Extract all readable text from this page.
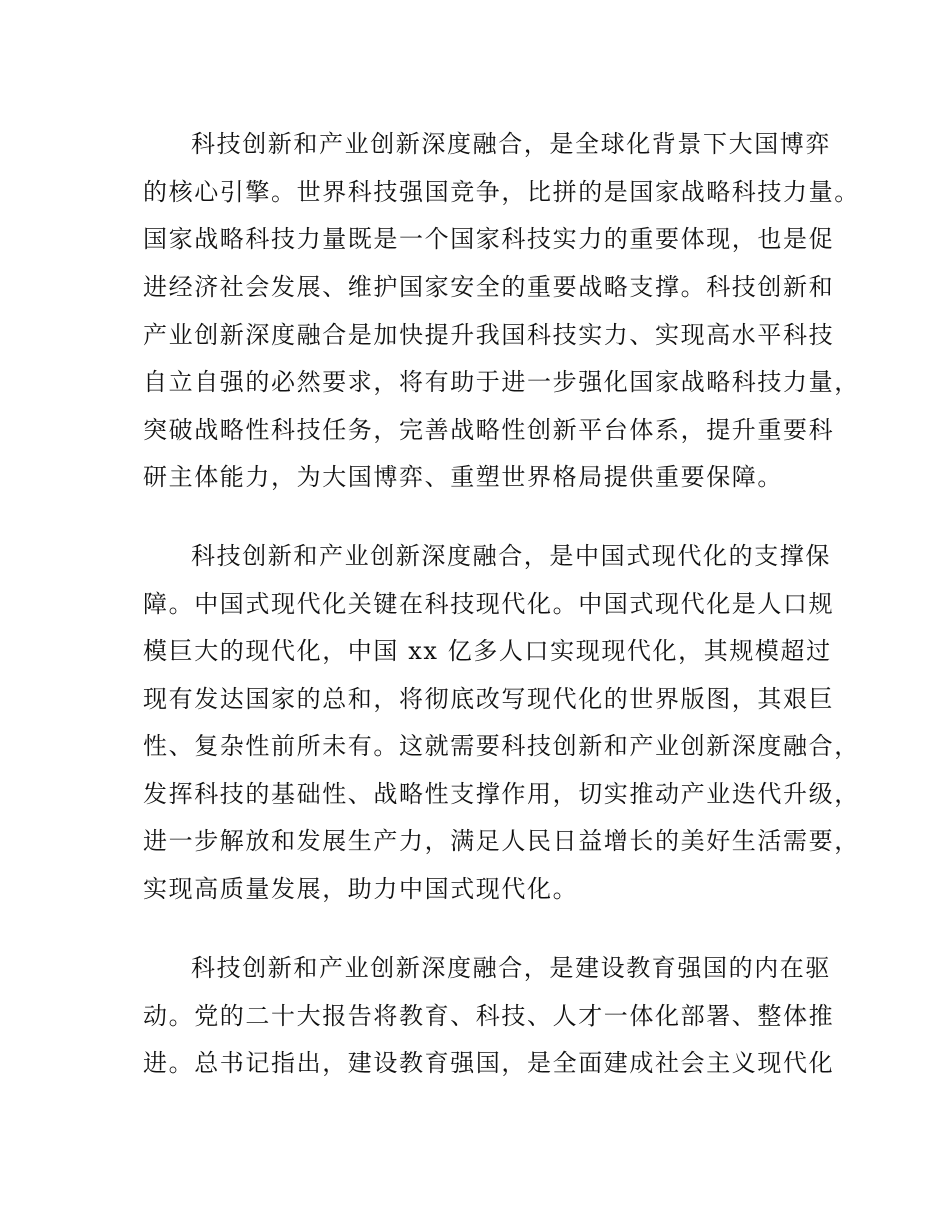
科技创新和产业创新深度融合，是全球化背景下大国博弈
的核心引擎。世界科技强国竞争，比拼的是国家战略科技力量。
国家战略科技力量既是一个国家科技实力的重要体现，也是促
进经济社会发展、维护国家安全的重要战略支撑。科技创新和
产业创新深度融合是加快提升我国科技实力、实现高水平科技
自立自强的必然要求，将有助于进一步强化国家战略科技力量，
突破战略性科技任务，完善战略性创新平台体系，提升重要科
研主体能力，为大国博弈、重塑世界格局提供重要保障。
科技创新和产业创新深度融合，是中国式现代化的支撑保
障。中国式现代化关键在科技现代化。中国式现代化是人口规
模巨大的现代化，中国 xx 亿多人口实现现代化，其规模超过
现有发达国家的总和，将彻底改写现代化的世界版图，其艰巨
性、复杂性前所未有。这就需要科技创新和产业创新深度融合，
发挥科技的基础性、战略性支撑作用，切实推动产业迭代升级，
进一步解放和发展生产力，满足人民日益增长的美好生活需要，
实现高质量发展，助力中国式现代化。
科技创新和产业创新深度融合，是建设教育强国的内在驱
动。党的二十大报告将教育、科技、人才一体化部署、整体推
进。总书记指出，建设教育强国，是全面建成社会主义现代化
